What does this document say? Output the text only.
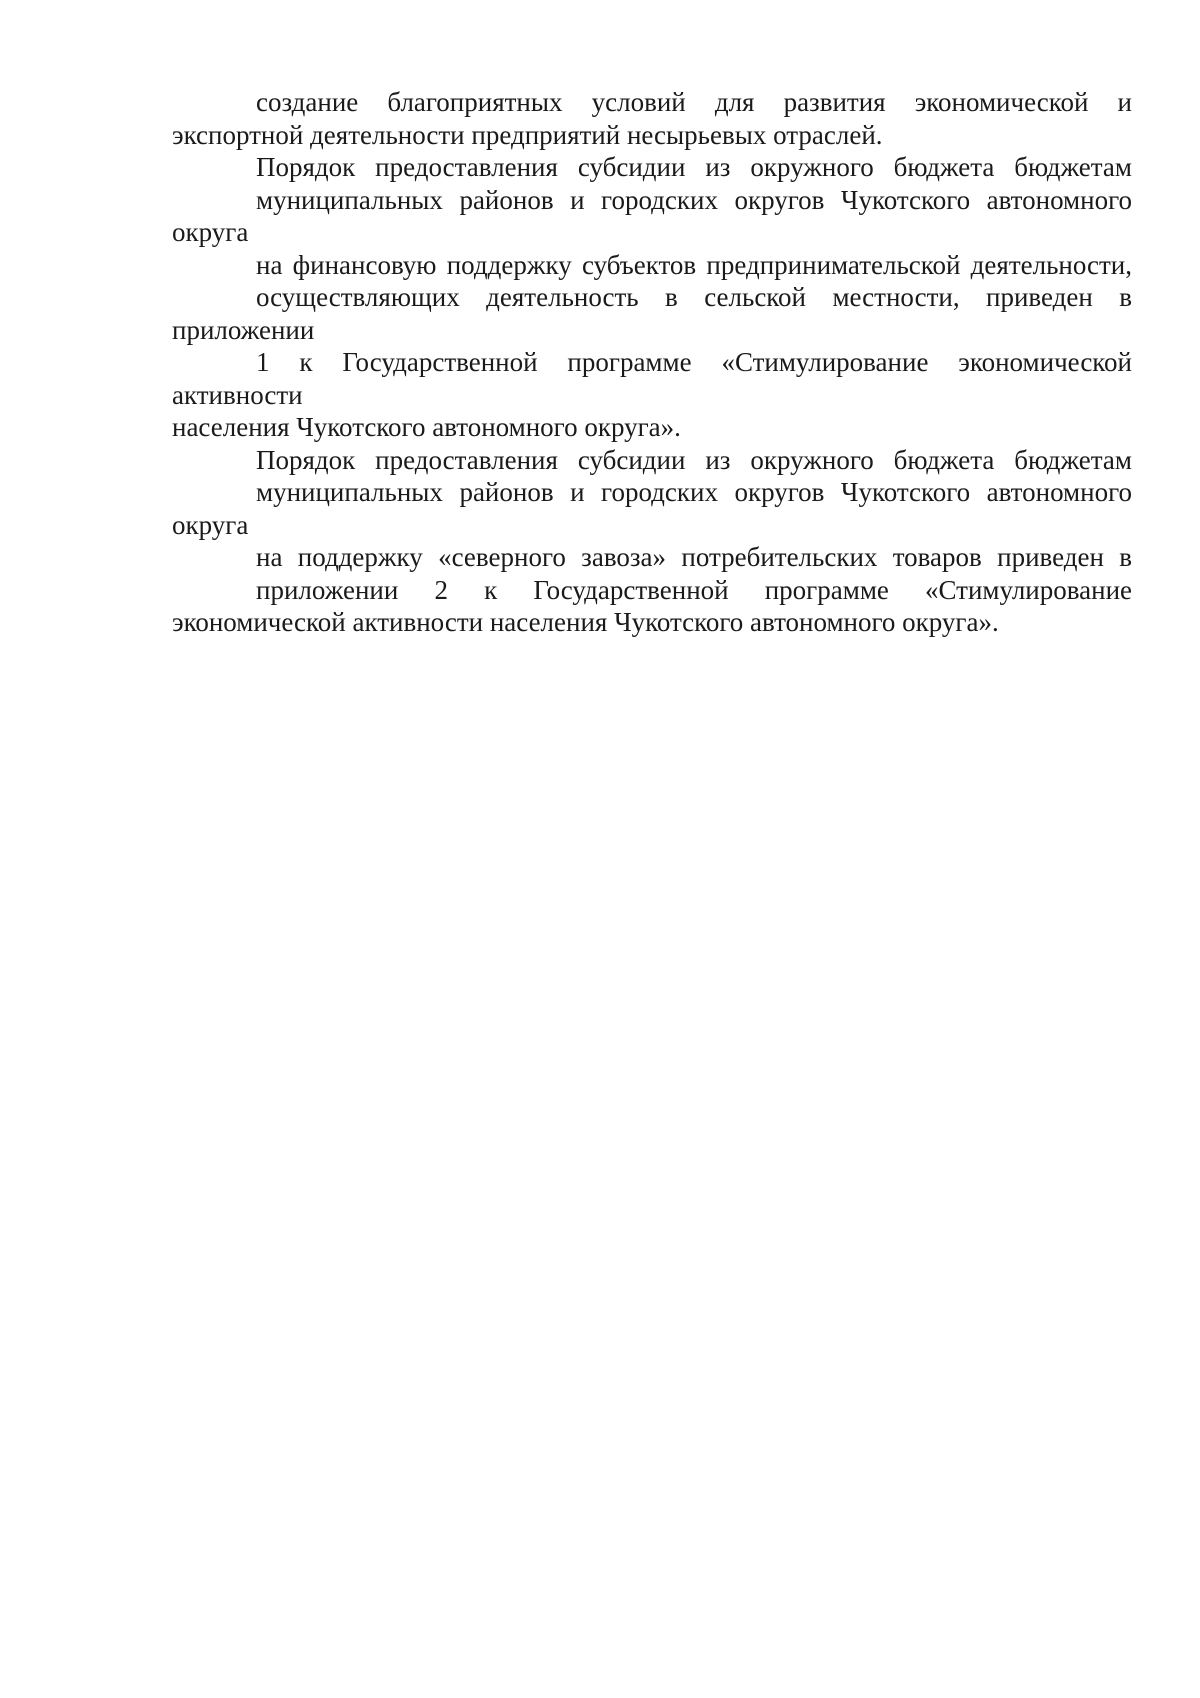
создание благоприятных условий для развития экономической и
экспортной деятельности предприятий несырьевых отраслей.

Порядок предоставления субсидии из окружного бюджета бюджетам
муниципальных районов и городских округов Чукотского автономного округа
на финансовую поддержку субъектов предпринимательской деятельности,
осуществляющих деятельность в сельской местности, приведен в приложении
1 к Государственной программе «Стимулирование экономической активности
населения Чукотского автономного округа».

Порядок предоставления субсидии из окружного бюджета бюджетам
муниципальных районов и городских округов Чукотского автономного округа
на поддержку «северного завоза» потребительских товаров приведен в
приложении 2 к Государственной программе «Стимулирование
экономической активности населения Чукотского автономного округа».
